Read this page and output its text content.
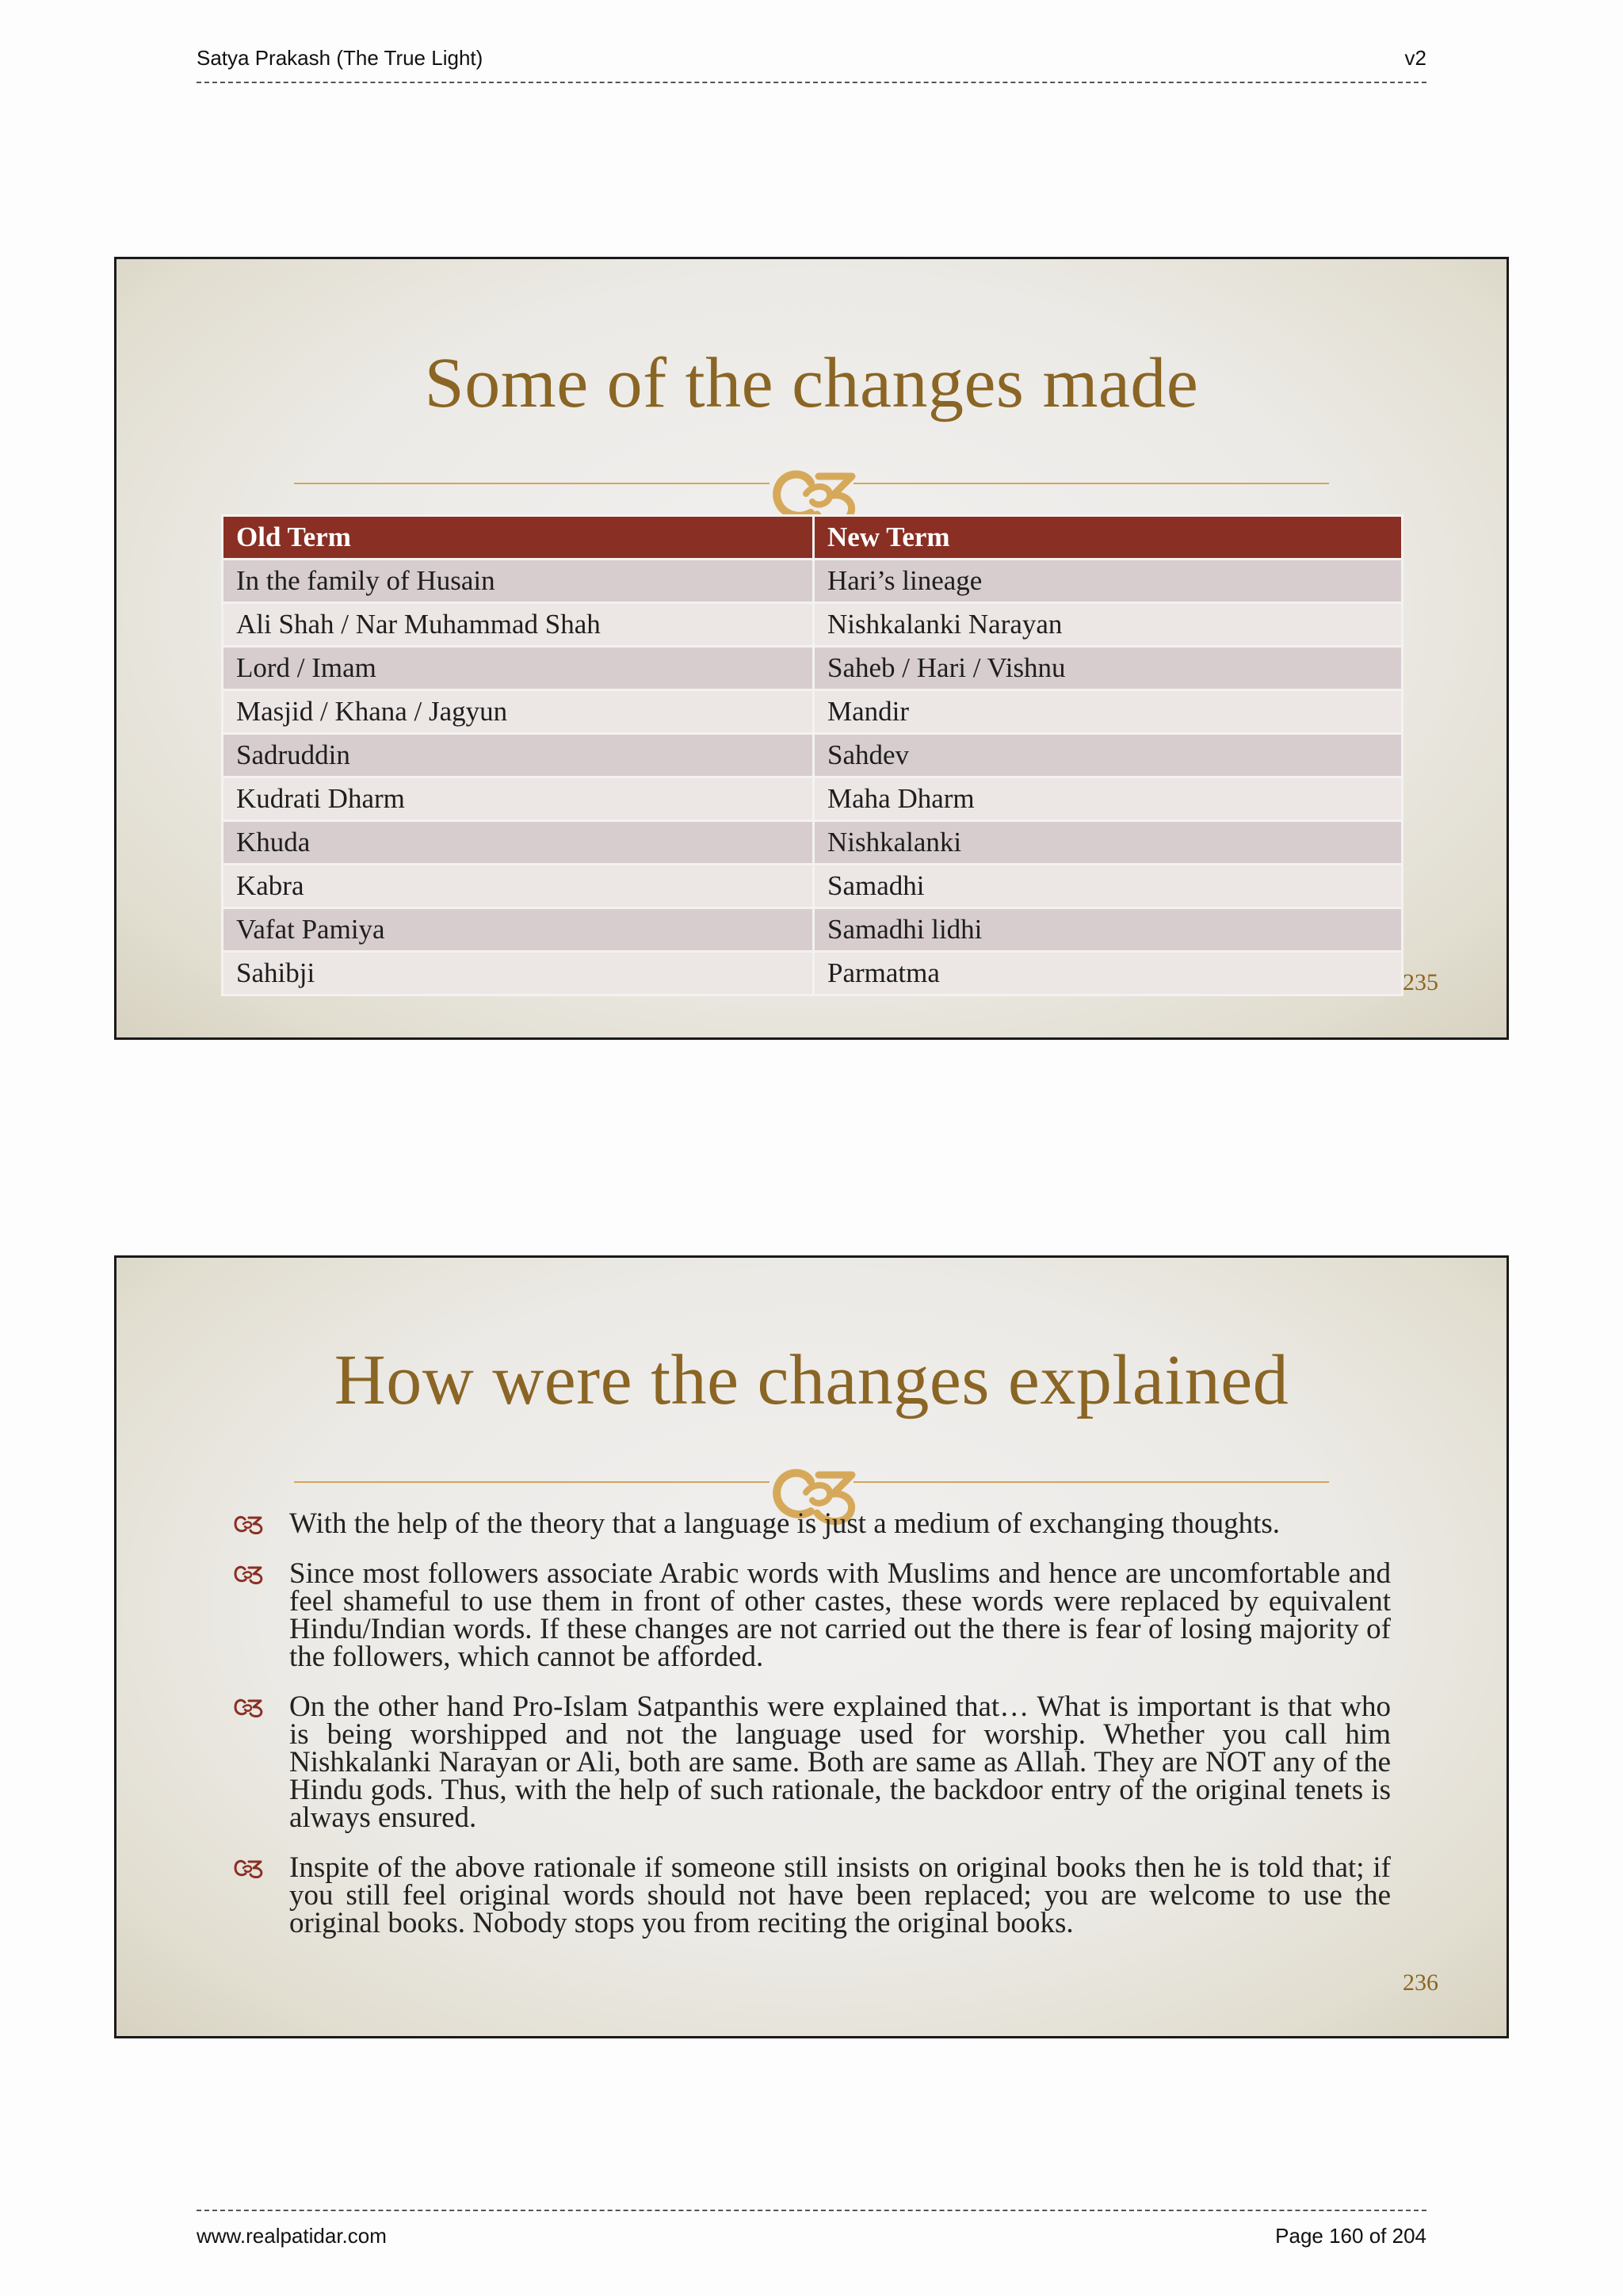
Satya Prakash (The True Light)	v2
Some of the changes made
Old Term	New Term
In the family of Husain	Hari’s lineage
Ali Shah / Nar Muhammad Shah	Nishkalanki Narayan
Lord / Imam	Saheb / Hari / Vishnu
Masjid / Khana / Jagyun	Mandir
Sadruddin	Sahdev
Kudrati Dharm	Maha Dharm
Khuda	Nishkalanki
Kabra	Samadhi
Vafat Pamiya	Samadhi lidhi
Sahibji	Parmatma	235
How were the changes explained
With the help of the theory that a language is just a medium of exchanging thoughts.
Since most followers associate Arabic words with Muslims and hence are uncomfortable and feel shameful to use them in front of other castes, these words were replaced by equivalent Hindu/Indian words. If these changes are not carried out the there is fear of losing majority of the followers, which cannot be afforded.
On the other hand Pro-Islam Satpanthis were explained that… What is important is that who is being worshipped and not the language used for worship. Whether you call him Nishkalanki Narayan or Ali, both are same. Both are same as Allah. They are NOT any of the Hindu gods. Thus, with the help of such rationale, the backdoor entry of the original tenets is always ensured.
Inspite of the above rationale if someone still insists on original books then he is told that; if you still feel original words should not have been replaced; you are welcome to use the original books. Nobody stops you from reciting the original books.
236
www.realpatidar.com	Page 160 of 204
